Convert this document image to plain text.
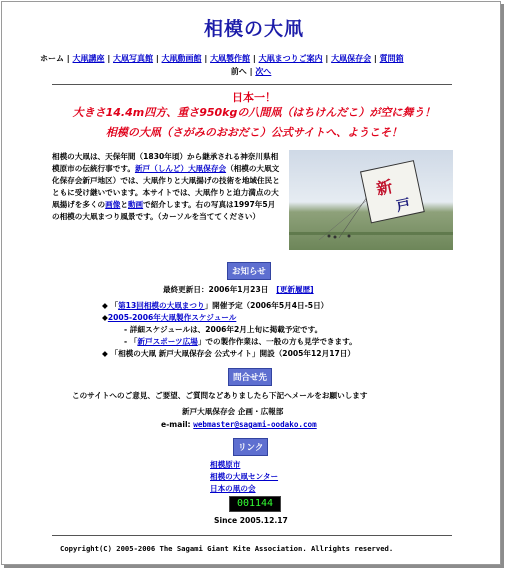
相模の大凧
ホーム | 大凧講座 | 大凧写真館 | 大凧動画館 | 大凧製作館 | 大凧まつりご案内 | 大凧保存会 | 質問箱
前へ | 次へ
日本一！
大きさ14.4m四方、重さ950kgの八間凧（はちけんだこ）が空に舞う！
相模の大凧（さがみのおおだこ）公式サイトへ、ようこそ！
相模の大凧は、天保年間（1830年頃）から継承される神奈川県相模原市の伝統行事です。新戸（しんど）大凧保存会（相模の大凧文化保存会新戸地区）では、大凧作りと大凧揚げの技術を地域住民とともに受け継いでいます。本サイトでは、大凧作りと迫力満点の大凧揚げを多くの画像と動画で紹介します。右の写真は1997年5月の相模の大凧まつり風景です。（カーソルを当ててください）
新
戸
お知らせ
最終更新日：2006年1月23日 [更新履歴]
◆ 「第13回相模の大凧まつり」開催予定（2006年5月4日-5日）
◆2005-2006年大凧製作スケジュール
- 詳細スケジュールは、2006年2月上旬に掲載予定です。
- 「新戸スポーツ広場」での製作作業は、一般の方も見学できます。
◆ 「相模の大凧 新戸大凧保存会 公式サイト」開設（2005年12月17日）
問合せ先
このサイトへのご意見、ご要望、ご質問などありましたら下記へメールをお願いします
新戸大凧保存会 企画・広報部
e-mail: webmaster@sagami-oodako.com
リンク
相模原市
相模の大凧センター
日本の凧の会
001144
Since 2005.12.17
Copyright(C) 2005-2006 The Sagami Giant Kite Association. Allrights reserved.
